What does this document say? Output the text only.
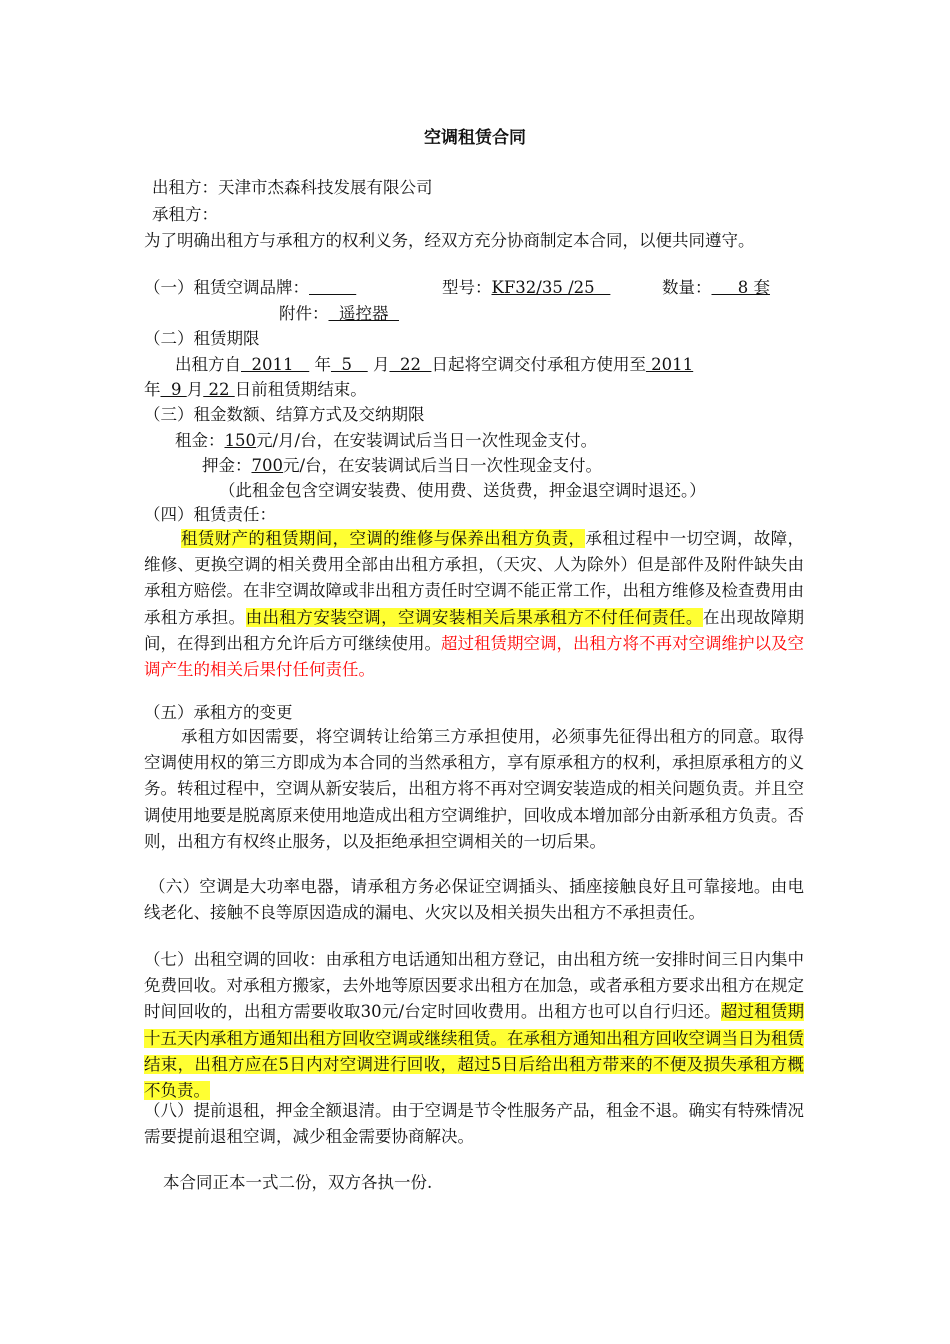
空调租赁合同
出租方：天津市杰森科技发展有限公司
承租方：
为了明确出租方与承租方的权利义务，经双方充分协商制定本合同，以便共同遵守。
（一）租赁空调品牌：	型号：KF32/35 /25	数量：     8 套
附件：  遥控器
（二）租赁期限
出租方自  2011    年  5    月  22  日起将空调交付承租方使用至 2011
年  9 月 22 日前租赁期结束。
（三）租金数额、结算方式及交纳期限
租金：150元/月/台，在安装调试后当日一次性现金支付。
押金：700元/台，在安装调试后当日一次性现金支付。
（此租金包含空调安装费、使用费、送货费，押金退空调时退还。）
（四）租赁责任：
租赁财产的租赁期间，空调的维修与保养出租方负责，承租过程中一切空调，故障，维修、更换空调的相关费用全部由出租方承担，（天灾、人为除外）但是部件及附件缺失由承租方赔偿。在非空调故障或非出租方责任时空调不能正常工作，出租方维修及检查费用由承租方承担。由出租方安装空调，空调安装相关后果承租方不付任何责任。在出现故障期间，在得到出租方允许后方可继续使用。超过租赁期空调，出租方将不再对空调维护以及空调产生的相关后果付任何责任。
（五）承租方的变更
承租方如因需要，将空调转让给第三方承担使用，必须事先征得出租方的同意。取得空调使用权的第三方即成为本合同的当然承租方，享有原承租方的权利，承担原承租方的义务。转租过程中，空调从新安装后，出租方将不再对空调安装造成的相关问题负责。并且空调使用地要是脱离原来使用地造成出租方空调维护，回收成本增加部分由新承租方负责。否则，出租方有权终止服务，以及拒绝承担空调相关的一切后果。
（六）空调是大功率电器，请承租方务必保证空调插头、插座接触良好且可靠接地。由电线老化、接触不良等原因造成的漏电、火灾以及相关损失出租方不承担责任。
（七）出租空调的回收：由承租方电话通知出租方登记，由出租方统一安排时间三日内集中免费回收。对承租方搬家，去外地等原因要求出租方在加急，或者承租方要求出租方在规定时间回收的，出租方需要收取30元/台定时回收费用。出租方也可以自行归还。超过租赁期十五天内承租方通知出租方回收空调或继续租赁。在承租方通知出租方回收空调当日为租赁结束，出租方应在5日内对空调进行回收，超过5日后给出租方带来的不便及损失承租方概不负责。
（八）提前退租，押金全额退清。由于空调是节令性服务产品，租金不退。确实有特殊情况需要提前退租空调，减少租金需要协商解决。
本合同正本一式二份，双方各执一份.
